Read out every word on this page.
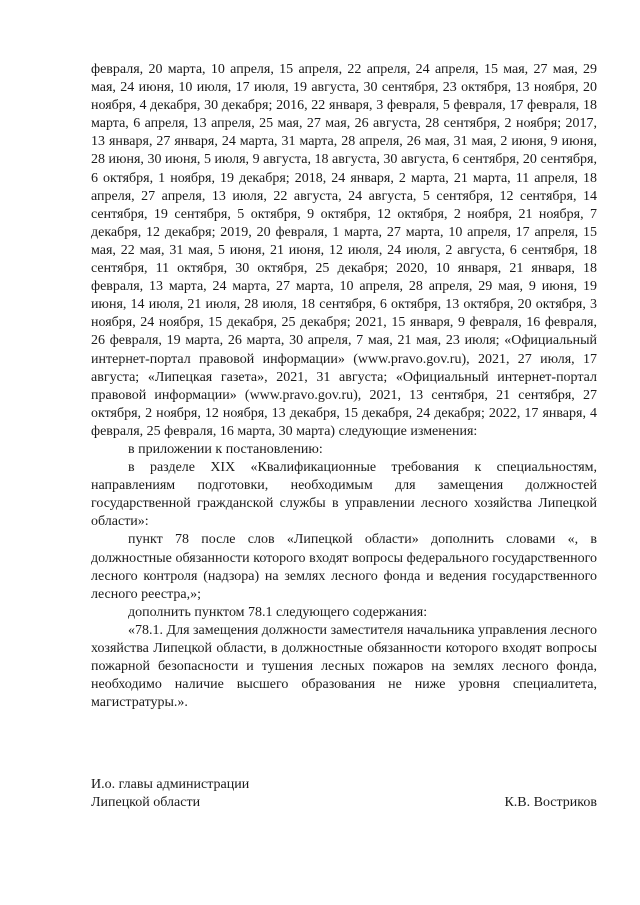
февраля, 20 марта, 10 апреля, 15 апреля, 22 апреля, 24 апреля, 15 мая, 27 мая, 29 мая, 24 июня, 10 июля, 17 июля, 19 августа, 30 сентября, 23 октября, 13 ноября, 20 ноября, 4 декабря, 30 декабря; 2016, 22 января, 3 февраля, 5 февраля, 17 февраля, 18 марта, 6 апреля, 13 апреля, 25 мая, 27 мая, 26 августа, 28 сентября, 2 ноября; 2017, 13 января, 27 января, 24 марта, 31 марта, 28 апреля, 26 мая, 31 мая, 2 июня, 9 июня, 28 июня, 30 июня, 5 июля, 9 августа, 18 августа, 30 августа, 6 сентября, 20 сентября, 6 октября, 1 ноября, 19 декабря; 2018, 24 января, 2 марта, 21 марта, 11 апреля, 18 апреля, 27 апреля, 13 июля, 22 августа, 24 августа, 5 сентября, 12 сентября, 14 сентября, 19 сентября, 5 октября, 9 октября, 12 октября, 2 ноября, 21 ноября, 7 декабря, 12 декабря; 2019, 20 февраля, 1 марта, 27 марта, 10 апреля, 17 апреля, 15 мая, 22 мая, 31 мая, 5 июня, 21 июня, 12 июля, 24 июля, 2 августа, 6 сентября, 18 сентября, 11 октября, 30 октября, 25 декабря; 2020, 10 января, 21 января, 18 февраля, 13 марта, 24 марта, 27 марта, 10 апреля, 28 апреля, 29 мая, 9 июня, 19 июня, 14 июля, 21 июля, 28 июля, 18 сентября, 6 октября, 13 октября, 20 октября, 3 ноября, 24 ноября, 15 декабря, 25 декабря; 2021, 15 января, 9 февраля, 16 февраля, 26 февраля, 19 марта, 26 марта, 30 апреля, 7 мая, 21 мая, 23 июля; «Официальный интернет-портал правовой информации» (www.pravo.gov.ru), 2021, 27 июля, 17 августа; «Липецкая газета», 2021, 31 августа; «Официальный интернет-портал правовой информации» (www.pravo.gov.ru), 2021, 13 сентября, 21 сентября, 27 октября, 2 ноября, 12 ноября, 13 декабря, 15 декабря, 24 декабря; 2022, 17 января, 4 февраля, 25 февраля, 16 марта, 30 марта) следующие изменения:

в приложении к постановлению:

в разделе XIX «Квалификационные требования к специальностям, направлениям подготовки, необходимым для замещения должностей государственной гражданской службы в управлении лесного хозяйства Липецкой области»:

пункт 78 после слов «Липецкой области» дополнить словами «, в должностные обязанности которого входят вопросы федерального государственного лесного контроля (надзора) на землях лесного фонда и ведения государственного лесного реестра,»;

дополнить пунктом 78.1 следующего содержания:

«78.1. Для замещения должности заместителя начальника управления лесного хозяйства Липецкой области, в должностные обязанности которого входят вопросы пожарной безопасности и тушения лесных пожаров на землях лесного фонда, необходимо наличие высшего образования не ниже уровня специалитета, магистратуры.».

И.о. главы администрации
Липецкой области	К.В. Востриков
